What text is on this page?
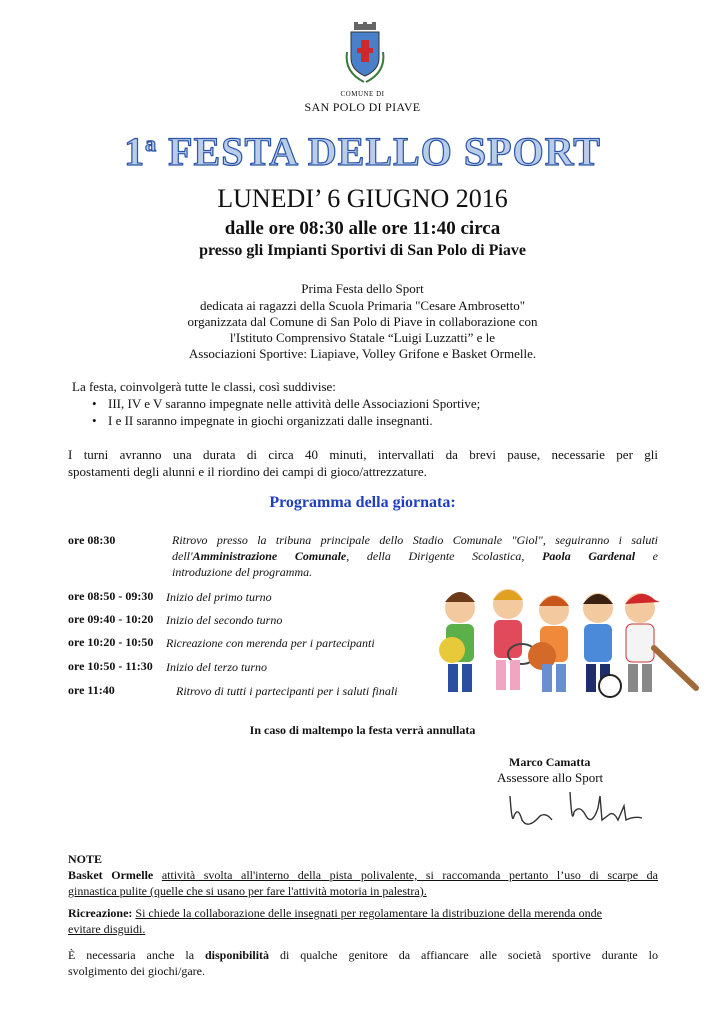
COMUNE DI
SAN POLO DI PIAVE
1$^a$ FESTA DELLO SPORT
LUNEDI’ 6 GIUGNO 2016
dalle ore 08:30 alle ore 11:40 circa
presso gli Impianti Sportivi di San Polo di Piave
Prima Festa dello Sport
dedicata ai ragazzi della Scuola Primaria "Cesare Ambrosetto"
organizzata dal Comune di San Polo di Piave in collaborazione con
l'Istituto Comprensivo Statale “Luigi Luzzatti” e le
Associazioni Sportive: Liapiave, Volley Grifone e Basket Ormelle.
La festa, coinvolgerà tutte le classi, così suddivise:
• III, IV e V saranno impegnate nelle attività delle Associazioni Sportive;
• I e II saranno impegnate in giochi organizzati dalle insegnanti.
I turni avranno una durata di circa 40 minuti, intervallati da brevi pause, necessarie per gli
spostamenti degli alunni e il riordino dei campi di gioco/attrezzature.
Programma della giornata:
ore 08:30	Ritrovo presso la tribuna principale dello Stadio Comunale "Giol", seguiranno i saluti
dell'Amministrazione Comunale, della Dirigente Scolastica, Paola Gardenal e
introduzione del programma.
ore 08:50 - 09:30 Inizio del primo turno
ore 09:40 - 10:20 Inizio del secondo turno
ore 10:20 - 10:50 Ricreazione con merenda per i partecipanti
ore 10:50 - 11:30 Inizio del terzo turno
ore 11:40	Ritrovo di tutti i partecipanti per i saluti finali
In caso di maltempo la festa verrà annullata
Marco Camatta
Assessore allo Sport
NOTE
Basket Ormelle attività svolta all'interno della pista polivalente, si raccomanda pertanto l’uso di scarpe da
ginnastica pulite (quelle che si usano per fare l'attività motoria in palestra).
Ricreazione: Si chiede la collaborazione delle insegnati per regolamentare la distribuzione della merenda onde
evitare disguidi.
È necessaria anche la disponibilità di qualche genitore da affiancare alle società sportive durante lo
svolgimento dei giochi/gare.
